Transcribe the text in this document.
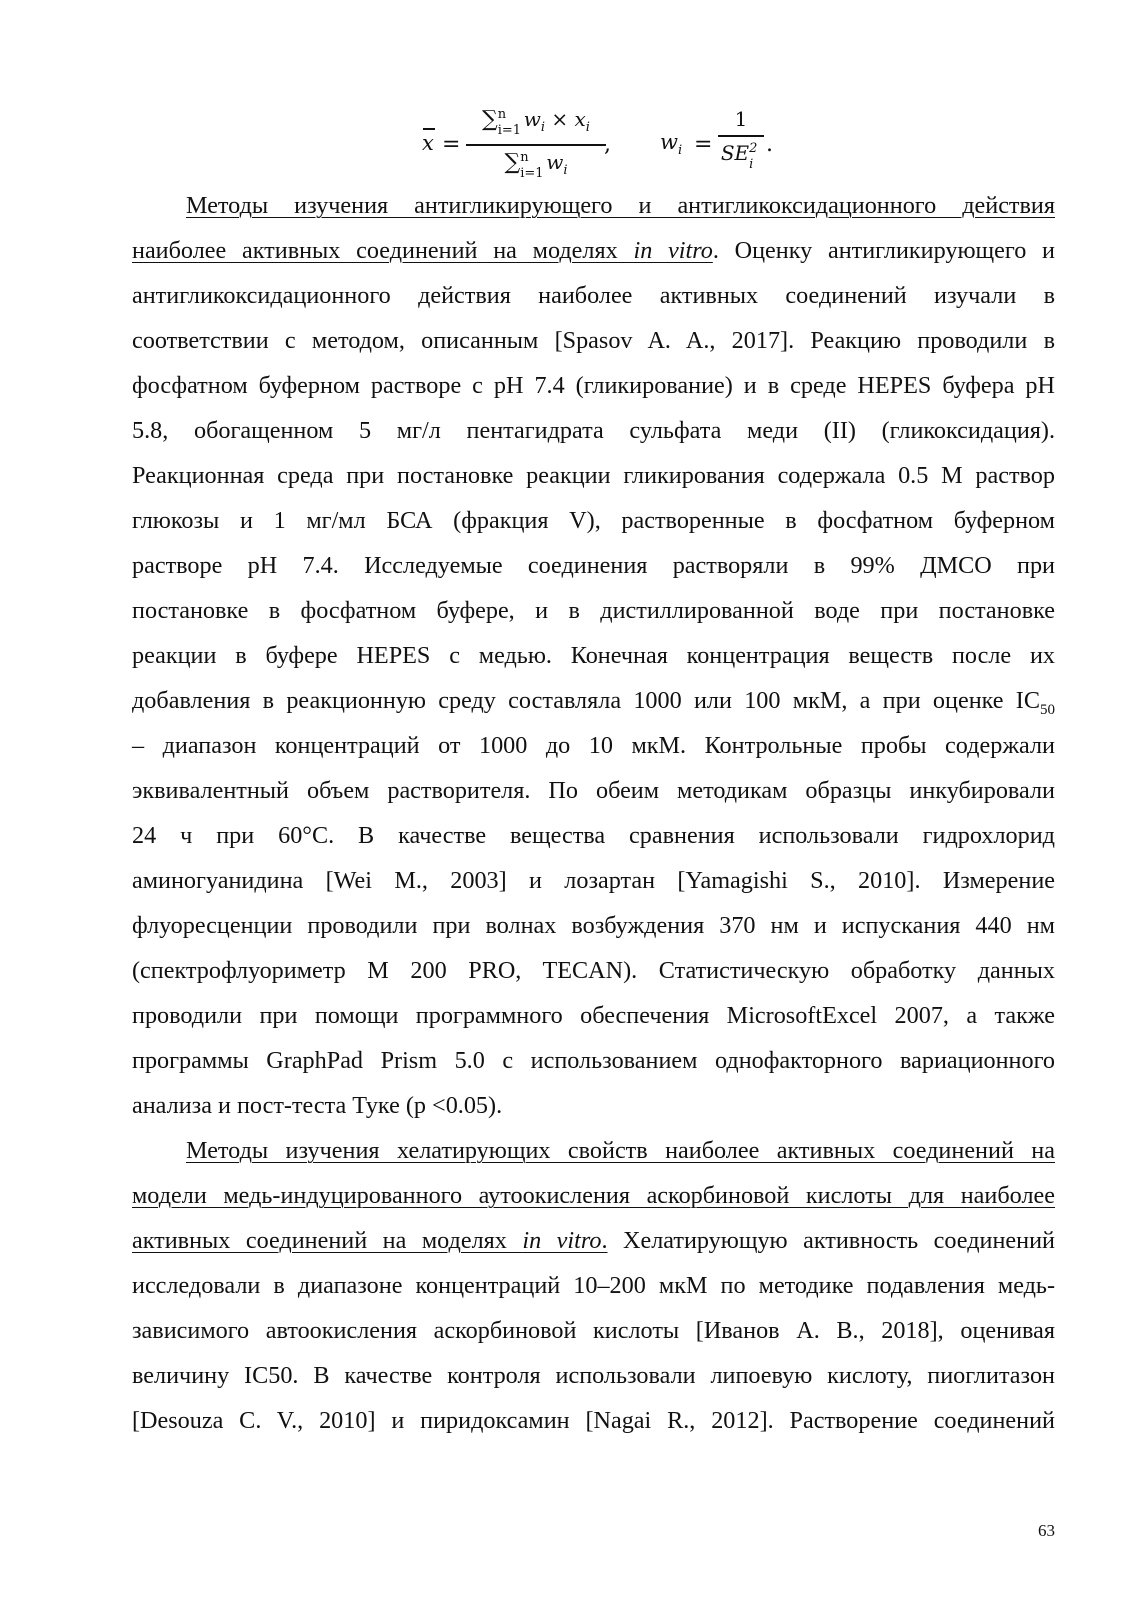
x =
∑ n
i=1 $w_i \times x_i$
∑ n
i=1 $w_i$
, $w_i$ =
1
SE 2
i
.
Методы изучения антигликирующего и антигликоксидационного действия
наиболее активных соединений на моделях in vitro. Оценку антигликирующего и
антигликоксидационного действия наиболее активных соединений изучали в
соответствии с методом, описанным [Spasov A. A., 2017]. Реакцию проводили в
фосфатном буферном растворе с pH 7.4 (гликирование) и в среде HEPES буфера pH
5.8, обогащенном 5 мг/л пентагидрата сульфата меди (II) (гликоксидация).
Реакционная среда при постановке реакции гликирования содержала 0.5 М раствор
глюкозы и 1 мг/мл БСА (фракция V), растворенные в фосфатном буферном
растворе pH 7.4. Исследуемые соединения растворяли в 99% ДМСО при
постановке в фосфатном буфере, и в дистиллированной воде при постановке
реакции в буфере HEPES с медью. Конечная концентрация веществ после их
добавления в реакционную среду составляла 1000 или 100 мкМ, а при оценке $IC_{50}$
– диапазон концентраций от 1000 до 10 мкМ. Контрольные пробы содержали
эквивалентный объем растворителя. По обеим методикам образцы инкубировали
24 ч при 60°С. В качестве вещества сравнения использовали гидрохлорид
аминогуанидина [Wei M., 2003] и лозартан [Yamagishi S., 2010]. Измерение
флуоресценции проводили при волнах возбуждения 370 нм и испускания 440 нм
(спектрофлуориметр M 200 PRO, TECAN). Статистическую обработку данных
проводили при помощи программного обеспечения MicrosoftExcel 2007, а также
программы GraphPad Prism 5.0 с использованием однофакторного вариационного
анализа и пост-теста Туке (p <0.05).
Методы изучения хелатирующих свойств наиболее активных соединений на
модели медь-индуцированного аутоокисления аскорбиновой кислоты для наиболее
активных соединений на моделях in vitro. Хелатирующую активность соединений
исследовали в диапазоне концентраций 10–200 мкМ по методике подавления медь-
зависимого автоокисления аскорбиновой кислоты [Иванов А. В., 2018], оценивая
величину IC50. В качестве контроля использовали липоевую кислоту, пиоглитазон
[Desouza C. V., 2010] и пиридоксамин [Nagai R., 2012]. Растворение соединений
63
